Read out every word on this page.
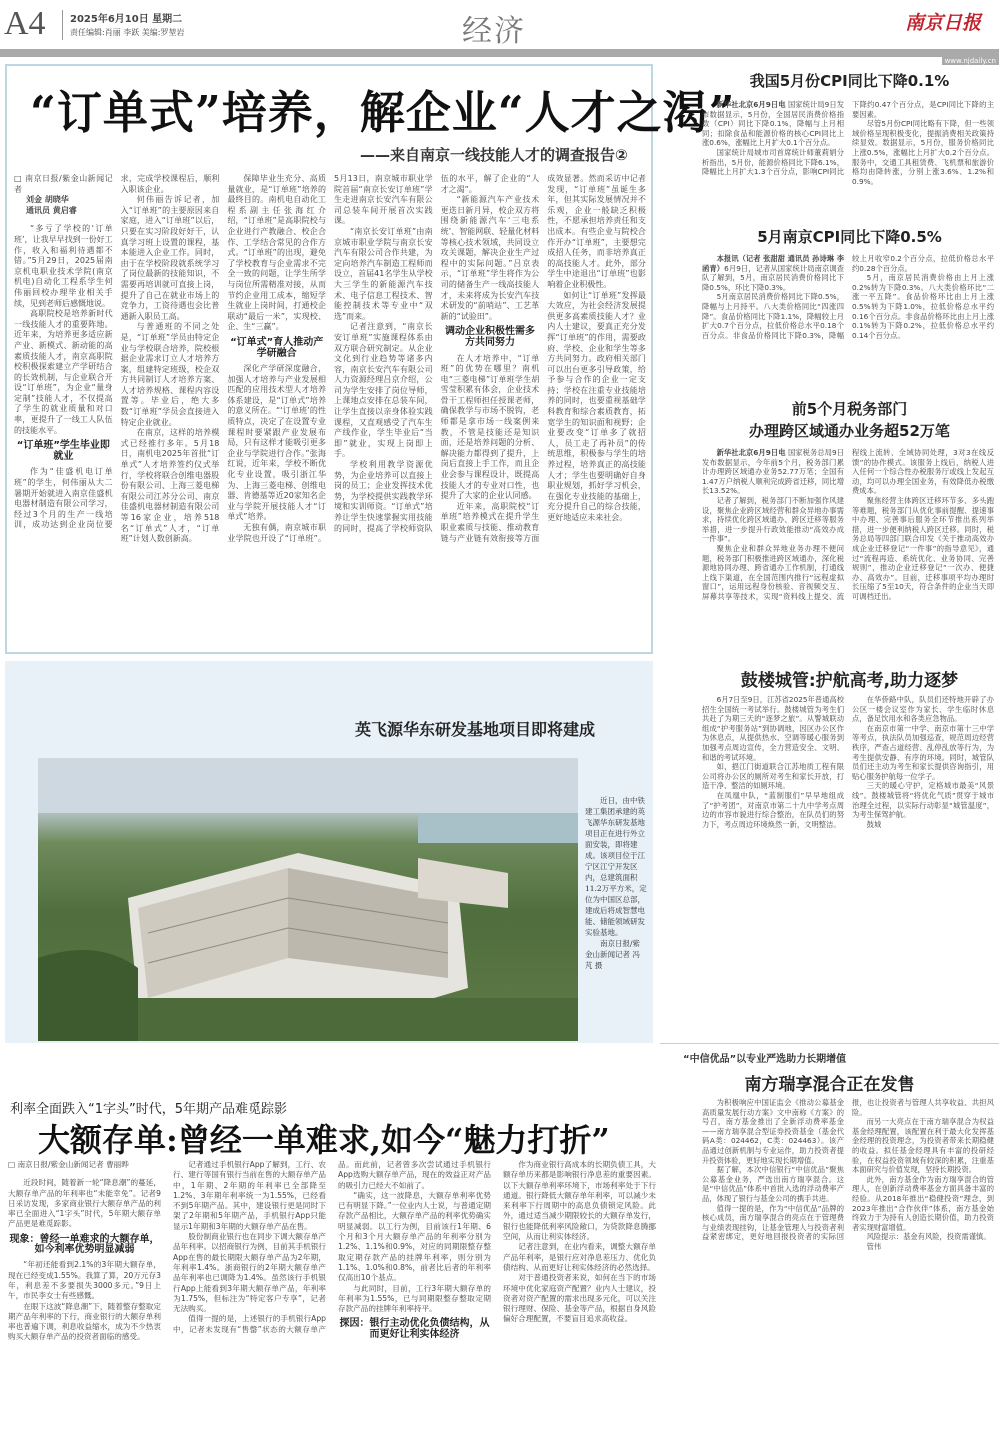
A4 2025年6月10日 星期二
责任编辑:肖丽 李跃 美编:罗堃岩	经济	南京日报
www.njdaily.cn
“订单式”培养，解企业“人才之渴”
——来自南京一线技能人才的调查报告②

□ 南京日报/紫金山新闻记者
刘金 胡晓华
通讯员 黄启睿

“多亏了学校的‘订单班’，让我早早找到一份好工作，收入和福利待遇都不错。”5月29日，2025届南京机电职业技术学院(南京机电)自动化工程系学生何伟丽回校办理毕业相关手续，见到老师后感慨地说。

高职院校是培养新时代一线技能人才的重要阵地。近年来，为培养更多适应新产业、新模式、新动能的高素质技能人才，南京高职院校积极探索建立产学研结合的长效机制，与企业联合开设“订单班”，为企业“量身定制”技能人才，不仅提高了学生的就业质量和对口率，更提升了一线工人队伍的技能水平。

“订单班”学生毕业即就业

作为“佳盛机电订单班”的学生，何伟丽从大二暑期开始就进入南京佳盛机电器材制造有限公司学习，经过3个月的生产一线培训，成功达到企业岗位要求，完成学校课程后，顺利入职该企业。

何伟丽告诉记者，加入“订单班”的主要原因来自家庭，进入“订单班”以后，只要在实习阶段好好干，认真学习班上设置的课程，基本能进入企业工作。同时，由于在学校阶段就系统学习了岗位最新的技能知识，不需要再培训就可直接上岗，提升了自己在就业市场上的竞争力，工资待遇也会比普通新入职员工高。

与普通班的不同之处是，“订单班”学员由特定企业与学校联合培养，院校根据企业需求订立人才培养方案，组建特定班级，校企双方共同制订人才培养方案、人才培养规格、课程内容设置等。毕业后，绝大多数“订单班”学员会直接进入特定企业就业。

在南京，这样的培养模式已经推行多年。5月18日，南机电2025年首批“订单式”人才培养签约仪式举行，学校将联合创维电器股份有限公司、上海三菱电梯有限公司江苏分公司、南京佳盛机电器材制造有限公司等16家企业，培养518名“订单式”人才，“订单班”计划人数创新高。

保障毕业生充分、高质量就业，是“订单班”培养的最终目的。南机电自动化工程系副主任张海红介绍，“订单班”是高职院校与企业进行产教融合、校企合作、工学结合常见的合作方式。“订单班”的出现，避免了学校教育与企业需求不完全一致的问题，让学生所学与岗位所需精准对接，从而节约企业用工成本，缩短学生就业上岗时间，打通校企联动“最后一米”，实现校、企、生“三赢”。

“订单式”育人推动产学研融合

深化产学研深度融合，加强人才培养与产业发展相匹配的应用技术型人才培养体系建设，是“订单式”培养的意义所在。“‘订单班’的性质特点，决定了在设置专业课程时要紧跟产业发展布局，只有这样才能吸引更多企业与学院进行合作。”张海红说，近年来，学校不断优化专业设置，吸引浙江华为、上海三菱电梯、创维电器、肯德基等近20家知名企业与学院开展技能人才“订单式”培养。

无独有偶，南京城市职业学院也开设了“订单班”。5月13日，南京城市职业学院首届“南京长安订单班”学生走进南京长安汽车有限公司总装车间开展首次实践课。

“南京长安订单班”由南京城市职业学院与南京长安汽车有限公司合作共建，为定向培养汽车制造工程师而设立，首届41名学生从学校大三学生的新能源汽车技术、电子信息工程技术、智能控制技术等专业中“双选”而来。

记者注意到，“南京长安订单班”实施课程体系由双方联合研究制定。从企业文化到行业趋势等诸多内容，南京长安汽车有限公司人力资源经理吕京介绍，公司为学生安排了岗位导师，上课地点安排在总装车间，让学生直接以亲身体验实践课程，又直观感受了汽车生产线作业，学生毕业后“当即”就业，实现上岗即上手。

学校利用教学资源优势，为企业培养可以直接上岗的员工；企业发挥技术优势，为学校提供实践教学环境和实训师资。“订单式”培养让学生快速掌握实用技能的同时，提高了学校师资队伍的水平，解了企业的“人才之渴”。

“新能源汽车产业技术更迭日新月异，校企双方将围绕新能源汽车‘三电系统’、智能网联、轻量化材料等核心技术领域，共同设立攻关课题，解决企业生产过程中的实际问题。”吕京表示，“订单班”学生将作为公司的储备生产一线高技能人才，未来将成为长安汽车技术研发的“前哨站”、工艺革新的“试验田”。

调动企业积极性需多方共同努力

在人才培养中，“订单班”的优势在哪里？南机电“三菱电梯”订单班学生胡雪莹积累有体会，企业技术骨干工程师担任授课老师，确保教学与市场不脱钩，老师都是拿市场一线案例来教，不管是技能还是知识面，还是培养问题的分析、解决能力都得到了提升，上岗后直接上手工作，而且企业会参与课程设计，既提高技能人才的专业对口性，也提升了大家的企业认同感。

近年来，高职院校“订单班”培养模式在提升学生职业素质与技能、推动教育链与产业链有效衔接等方面成效显著。然而采访中记者发现，“订单班”虽诞生多年，但其实际发展情况并不乐观，企业一般缺乏积极性，不愿承担培养责任和支出成本。有些企业与院校合作开办“订单班”，主要想完成招人任务，而非培养真正的高技能人才。此外，部分学生中途退出“订单班”也影响着企业积极性。

如何让“订单班”发挥最大效应，为社会经济发展提供更多高素质技能人才？业内人士建议，要真正充分发挥“订单班”的作用，需要政府、学校、企业和学生等多方共同努力。政府相关部门可以出台更多引导政策，给予参与合作的企业一定支持；学校在注重专业技能培养的同时，也要重视基础学科教育和综合素质教育，拓宽学生的知识面和视野；企业要改变“订单多了就招人，员工走了再补员”的传统思维，积极参与学生的培养过程，培养真正的高技能人才；学生也要明确好自身职业规划，抓好学习机会，在强化专业技能的基础上，充分提升自己的综合技能，更好地适应未来社会。

我国5月份CPI同比下降0.1%

新华社北京6月9日电 国家统计局9日发布数据显示，5月份，全国居民消费价格指数（CPI）同比下降0.1%，降幅与上月相同；扣除食品和能源价格的核心CPI同比上涨0.6%，涨幅比上月扩大0.1个百分点。

国家统计局城市司首席统计师董莉娟分析指出，5月份，能源价格同比下降6.1%，降幅比上月扩大1.3个百分点，影响CPI同比下降约0.47个百分点，是CPI同比下降的主要因素。

尽管5月份CPI同比略有下降，但一些领域价格呈现积极变化，提振消费相关政策持续显效。数据显示，5月份，服务价格同比上涨0.5%，涨幅比上月扩大0.2个百分点。服务中，交通工具租赁费、飞机票和旅游价格均由降转涨，分别上涨3.6%、1.2%和0.9%。

5月南京CPI同比下降0.5%

本报讯（记者 张甜甜 通讯员 孙诗琳 李函青）6月9日，记者从国家统计局南京调查队了解到，5月，南京居民消费价格同比下降0.5%，环比下降0.3%。

5月南京居民消费价格同比下降0.5%，降幅与上月持平。八大类价格同比“四涨四降”。食品价格同比下降1.1%，降幅较上月扩大0.7个百分点，拉低价格总水平0.18个百分点。非食品价格同比下降0.3%，降幅较上月收窄0.2个百分点，拉低价格总水平约0.28个百分点。

5月，南京居民消费价格由上月上涨0.2%转为下降0.3%。八大类价格环比“二涨一平五降”。食品价格环比由上月上涨0.5%转为下降1.0%，拉低价格总水平约0.16个百分点。非食品价格环比由上月上涨0.1%转为下降0.2%，拉低价格总水平约0.14个百分点。

前5个月税务部门
办理跨区域通办业务超52万笔

新华社北京6月9日电 国家税务总局9日发布数据显示，今年前5个月，税务部门累计办理跨区域通办业务52.77万笔；全国有1.47万户纳税人顺利完成跨省迁移，同比增长13.52%。

记者了解到，税务部门不断加强作风建设，聚焦企业跨区域经营和群众异地办事需求，持续优化跨区域通办、跨区迁移等服务举措，进一步提升行政效能推动“高效办成一件事”。

聚焦企业和群众异地业务办理不便问题，税务部门积极推进跨区域通办，深化税源地协同办理、跨省通办工作机制，打通线上线下渠道，在全国范围内推行“远程虚拟窗口”，运用远程身份核验、音视频交互、屏幕共享等技术，实现“资料线上提交、流程线上流转、全域协同处理，3对3在线反馈”的协作模式。该服务上线后，纳税人进入任何一个综合性办税服务厅或线上发起互动，均可以办理全国业务，有效降低办税缴费成本。

聚焦经营主体跨区迁移环节多、多头跑等难题，税务部门从优化事前提醒、提速事中办理、完善事后服务全环节推出系列举措，进一步便利纳税人跨区迁移。同时，税务总局等四部门联合印发《关于推动高效办成企业迁移登记“一件事”的指导意见》，通过“流程再造、系统优化、业务协同、完善规则”，推动企业迁移登记“一次办、便捷办、高效办”。目前，迁移事项平均办理时长压缩了5至10天，符合条件的企业当天即可调档迁出。

英飞源华东研发基地项目即将建成

近日，由中铁建工集团承建的英飞源华东研发基地项目正在进行外立面安装，即将建成。该项目位于江宁区江宁开发区内，总建筑面积11.2万平方米，定位为中国区总部，建成后将成智慧电能、储能领域研发实验基地。

南京日报/紫金山新闻记者 冯芃 摄

鼓楼城管:护航高考,助力逐梦

6月7日至9日，江苏省2025年普通高校招生全国统一考试举行。鼓楼城管为考生们共赴了为期三天的“逐梦之旅”。从警城联动组成“护考服务站”到协调地，因区办公区作为休息点，从提供热水、空调等暖心服务到加强考点周边宣传，全力营造安全、文明、和谐的考试环境。

如，挹江门街道联合江苏地质工程有限公司将办公区的厕所对考生和家长开放，打造干净、整洁的如厕环境。

在凤凰中队，“蓝制服们”早早地组成了“护考团”，对南京市第二十九中学考点周边的市容市貌进行综合整治，在队员们的努力下，考点周边环境焕然一新，文明整洁。

在华侨路中队，队员们还特地开辟了办公区一楼会议室作为家长、学生临时休息点，备足饮用水和各类应急物品。

在南京市第一中学、南京市第十三中学等考点，执法队员加强巡查，规范周边经营秩序，严查占道经营、乱停乱放等行为，为考生提供安静、有序的环境。同时，城管队员们还主动为考生和家长提供咨询指引，用贴心服务护航每一位学子。

三天的暖心守护，定格城市最美“风景线”。鼓楼城管将“将优化气质”贯穿于城市治理全过程，以实际行动彰显“城管温度”，为考生保驾护航。

鼓城

利率全面跌入“1字头”时代，5年期产品难觅踪影
大额存单:曾经一单难求,如今“魅力打折”

□ 南京日报/紫金山新闻记者 曹丽晔

近段时间，随着新一轮“降息潮”的蔓延，大额存单产品的年利率也“未能幸免”。记者9日采访发现，多家商业银行大额存单产品的利率已全面进入“1字头”时代，5年期大额存单产品更是难觅踪影。

现象：曾经一单难求的大额存单，如今利率优势明显减弱

“年初还能看到2.1%的3年期大额存单，现在已经变成1.55%。我算了算，20万元存3年，利息差不多要损失3000多元。”9日上午，市民李女士有些感慨。

在眼下这波“降息潮”下，随着整存整取定期产品年利率的下行，商业银行的大额存单利率也普遍下调，利息收益缩水，成为不少热衷购买大额存单产品的投资者面临的感受。

记者通过手机银行App了解到，工行、农行、建行等国有银行当前在售的大额存单产品中，1年期、2年期的年利率已全部降至1.2%、3年期年利率统一为1.55%，已经看不到5年期产品。其中，建设银行更是同时下架了2年期和5年期产品，手机银行App只能显示1年期和3年期的大额存单产品在售。

股份制商业银行也在同步下调大额存单产品年利率。以招商银行为例，目前其手机银行App在售的最长期限大额存单产品为2年期，年利率1.4%。浙商银行的2年期大额存单产品年利率也已调降为1.4%。虽然该行手机银行App上能看到3年期大额存单产品，年利率为1.75%，但标注为“特定客户专享”，记者无法购买。

值得一提的是，上述银行的手机银行App中，记者未发现有“售罄”状态的大额存单产品。而此前，记者曾多次尝试通过手机银行App选购大额存单产品，现在的效益正对产品的吸引力已经大不如前了。

“确实，这一波降息，大额存单利率优势已有明显下降。”一位业内人士说，与普通定期存款产品相比，大额存单产品的利率优势确实明显减弱。以工行为例，目前该行1年期、6个月和3个月大额存单产品的年利率分别为1.2%、1.1%和0.9%，对应的同期限整存整取定期存款产品的挂牌年利率，则分别为1.1%、1.0%和0.8%，前者比后者的年利率仅高出10个基点。

与此同时，目前，工行3年期大额存单的年利率为1.55%，已与同期限整存整取定期存款产品的挂牌年利率持平。

探因：银行主动优化负债结构，从而更好让利实体经济

作为商业银行高成本的长期负债工具，大额存单历来都是影响银行净息差的重要因素。以下大额存单利率环境下，市场利率处于下行通道。银行降低大额存单年利率，可以减少未来利率下行周期中的高息负债锁定风险。此外，通过适当减少期限较长的大额存单发行，银行也能降低利率风险敞口，为贷款降息腾挪空间，从而让利实体经济。

记者注意到，在业内看来，调整大额存单产品年利率，是银行应对净息差压力、优化负债结构、从而更好让利实体经济的必然选择。

对于普通投资者来说，如何在当下的市场环境中优化家庭资产配置？业内人士建议，投资者对资产配置的需求出现多元化，可以关注银行理财、保险、基金等产品，根据自身风险偏好合理配置，不要盲目追求高收益。

“中信优品”以专业严选助力长期增值
南方瑞享混合正在发售

为积极响应中国证监会《推动公募基金高质量发展行动方案》文中南称《方案》的号召，南方基金推出了全新浮动费率基金——南方瑞享混合型证券投资基金（基金代码A类：024462，C类：024463）。该产品通过创新机制与专业运作，助力投资者提升投资体验，更好地实现长期增值。

据了解，本次中信银行“中信优品”聚焦公募基金业务，严选出南方瑞享混合。这是“中信优品”体系中首批入选的浮动费率产品，体现了银行与基金公司的携手共进。

值得一提的是，作为“中信优品”品牌的核心成员，南方瑞享混合的亮点在于管理费与业绩表现挂钩，让基金管理人与投资者利益紧密绑定，更好地回报投资者的实际回报，也让投资者与管理人共享收益、共担风险。

而另一大亮点在于南方瑞享混合为权益基金经理配置，该配置在利于最大化发挥基金经理的投资理念，为投资者带来长期稳健的收益。拟任基金经理具有丰富的投研经验，在权益投资领域有较深的积累，注重基本面研究与价值发现，坚持长期投资。

此外，南方基金作为南方瑞享混合的管理人，在创新浮动费率基金方面具备丰富的经验。从2018年推出“稳健投资”理念，到2023年推出“合作伙伴”体系，南方基金始终致力于为持有人创造长期价值，助力投资者实现财富增值。

风险提示：基金有风险，投资需谨慎。

管伟
